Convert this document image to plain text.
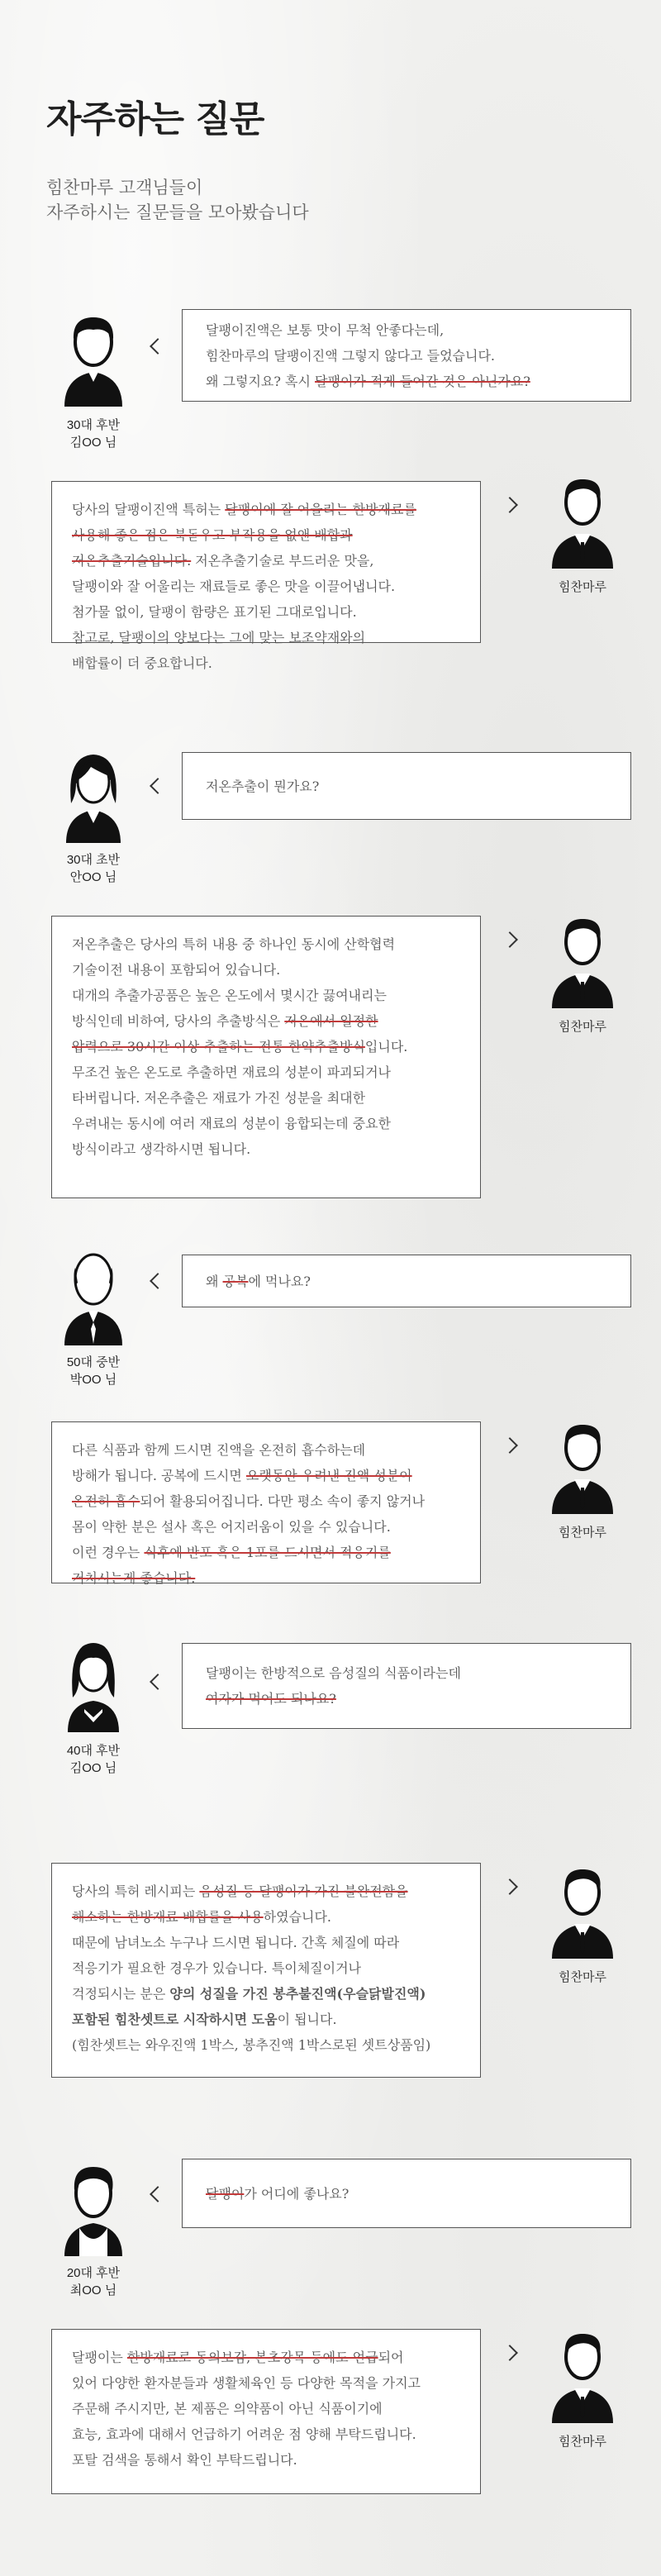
자주하는 질문
힘찬마루 고객님들이
자주하시는 질문들을 모아봤습니다
30대 후반
김OO 님

달팽이진액은 보통 맛이 무척 안좋다는데,

힘찬마루의 달팽이진액 그렇지 않다고 들었습니다.

왜 그렇지요? 혹시 달팽이가 적게 들어간 것은 아닌가요?

당사의 달팽이진액 특허는 달팽이에 잘 어울리는 한방재료를

사용해 좋은 점은 북돋우고 부작용을 없앤 배합과

저온추출기술입니다. 저온추출기술로 부드러운 맛을,

달팽이와 잘 어울리는 재료들로 좋은 맛을 이끌어냅니다.

첨가물 없이, 달팽이 함량은 표기된 그대로입니다.

참고로, 달팽이의 양보다는 그에 맞는 보조약재와의

배합률이 더 중요합니다.

힘찬마루
30대 초반
안OO 님

저온추출이 뭔가요?

저온추출은 당사의 특허 내용 중 하나인 동시에 산학협력

기술이전 내용이 포함되어 있습니다.

대개의 추출가공품은 높은 온도에서 몇시간 끓여내리는

방식인데 비하여, 당사의 추출방식은 저온에서 일정한

압력으로 30시간 이상 추출하는 전통 한약추출방식입니다.

무조건 높은 온도로 추출하면 재료의 성분이 파괴되거나

타버립니다. 저온추출은 재료가 가진 성분을 최대한

우려내는 동시에 여러 재료의 성분이 융합되는데 중요한

방식이라고 생각하시면 됩니다.

힘찬마루
50대 중반
박OO 님

왜 공복에 먹나요?

다른 식품과 함께 드시면 진액을 온전히 흡수하는데

방해가 됩니다. 공복에 드시면 오랫동안 우려낸 진액 성분이

온전히 흡수되어 활용되어집니다. 다만 평소 속이 좋지 않거나

몸이 약한 분은 설사 혹은 어지러움이 있을 수 있습니다.

이런 경우는 식후에 반포 혹은 1포를 드시면서 적응기를

거치시는게 좋습니다.

힘찬마루
40대 후반
김OO 님

달팽이는 한방적으로 음성질의 식품이라는데

여자가 먹어도 되나요?

당사의 특허 레시피는 음성질 등 달팽이가 가진 불완전함을

해소하는 한방재료 배합률을 사용하였습니다.

때문에 남녀노소 누구나 드시면 됩니다. 간혹 체질에 따라

적응기가 필요한 경우가 있습니다. 특이체질이거나

걱정되시는 분은 양의 성질을 가진 봉추불진액(우슬닭발진액)

포함된 힘찬셋트로 시작하시면 도움이 됩니다.

(힘찬셋트는 와우진액 1박스, 봉추진액 1박스로된 셋트상품임)

힘찬마루
20대 후반
최OO 님

달팽이가 어디에 좋나요?

달팽이는 한방재료로 동의보감, 본초강목 등에도 언급되어

있어 다양한 환자분들과 생활체육인 등 다양한 목적을 가지고

주문해 주시지만, 본 제품은 의약품이 아닌 식품이기에

효능, 효과에 대해서 언급하기 어려운 점 양해 부탁드립니다.

포탈 검색을 통해서 확인 부탁드립니다.

힘찬마루
